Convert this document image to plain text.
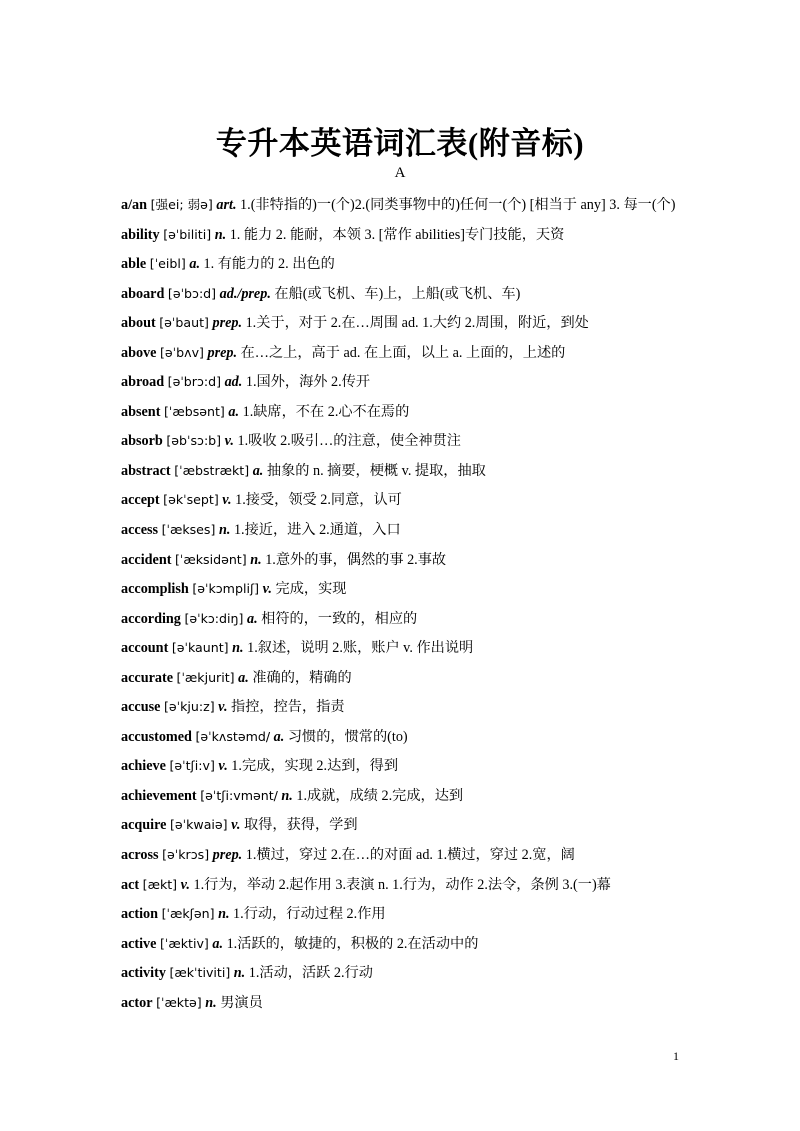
专升本英语词汇表(附音标)
A
a/an [强ei; 弱ə] art. 1.(非特指的)一(个)2.(同类事物中的)任何一(个) [相当于 any] 3. 每一(个)
ability [əˈbiliti] n. 1. 能力 2. 能耐，本领 3. [常作 abilities]专门技能，天资
able [ˈeibl] a. 1. 有能力的 2. 出色的
aboard [əˈbɔ:d] ad./prep. 在船(或飞机、车)上，上船(或飞机、车)
about [əˈbaut] prep. 1.关于，对于 2.在…周围 ad. 1.大约 2.周围，附近，到处
above [əˈbʌv] prep. 在…之上，高于 ad. 在上面，以上 a. 上面的，上述的
abroad [əˈbrɔ:d] ad. 1.国外，海外 2.传开
absent [ˈæbsənt] a. 1.缺席，不在 2.心不在焉的
absorb [əbˈsɔ:b] v. 1.吸收 2.吸引…的注意，使全神贯注
abstract [ˈæbstrækt] a. 抽象的 n. 摘要，梗概 v. 提取，抽取
accept [əkˈsept] v. 1.接受，领受 2.同意，认可
access [ˈækses] n. 1.接近，进入 2.通道，入口
accident [ˈæksidənt] n. 1.意外的事，偶然的事 2.事故
accomplish [əˈkɔmpliʃ] v. 完成，实现
according [əˈkɔ:diŋ] a. 相符的，一致的，相应的
account [əˈkaunt] n. 1.叙述，说明 2.账，账户 v. 作出说明
accurate [ˈækjurit] a. 准确的，精确的
accuse [əˈkju:z] v. 指控，控告，指责
accustomed [əˈkʌstəmd/ a. 习惯的，惯常的(to)
achieve [əˈtʃi:v] v. 1.完成，实现 2.达到，得到
achievement [əˈtʃi:vmənt/ n. 1.成就，成绩 2.完成，达到
acquire [əˈkwaiə] v. 取得，获得，学到
across [əˈkrɔs] prep. 1.横过，穿过 2.在…的对面 ad. 1.横过，穿过 2.宽，阔
act [ækt] v. 1.行为，举动 2.起作用 3.表演 n. 1.行为，动作 2.法令，条例 3.(一)幕
action [ˈækʃən] n. 1.行动，行动过程 2.作用
active [ˈæktiv] a. 1.活跃的，敏捷的，积极的 2.在活动中的
activity [ækˈtiviti] n. 1.活动，活跃 2.行动
actor [ˈæktə] n. 男演员
1
